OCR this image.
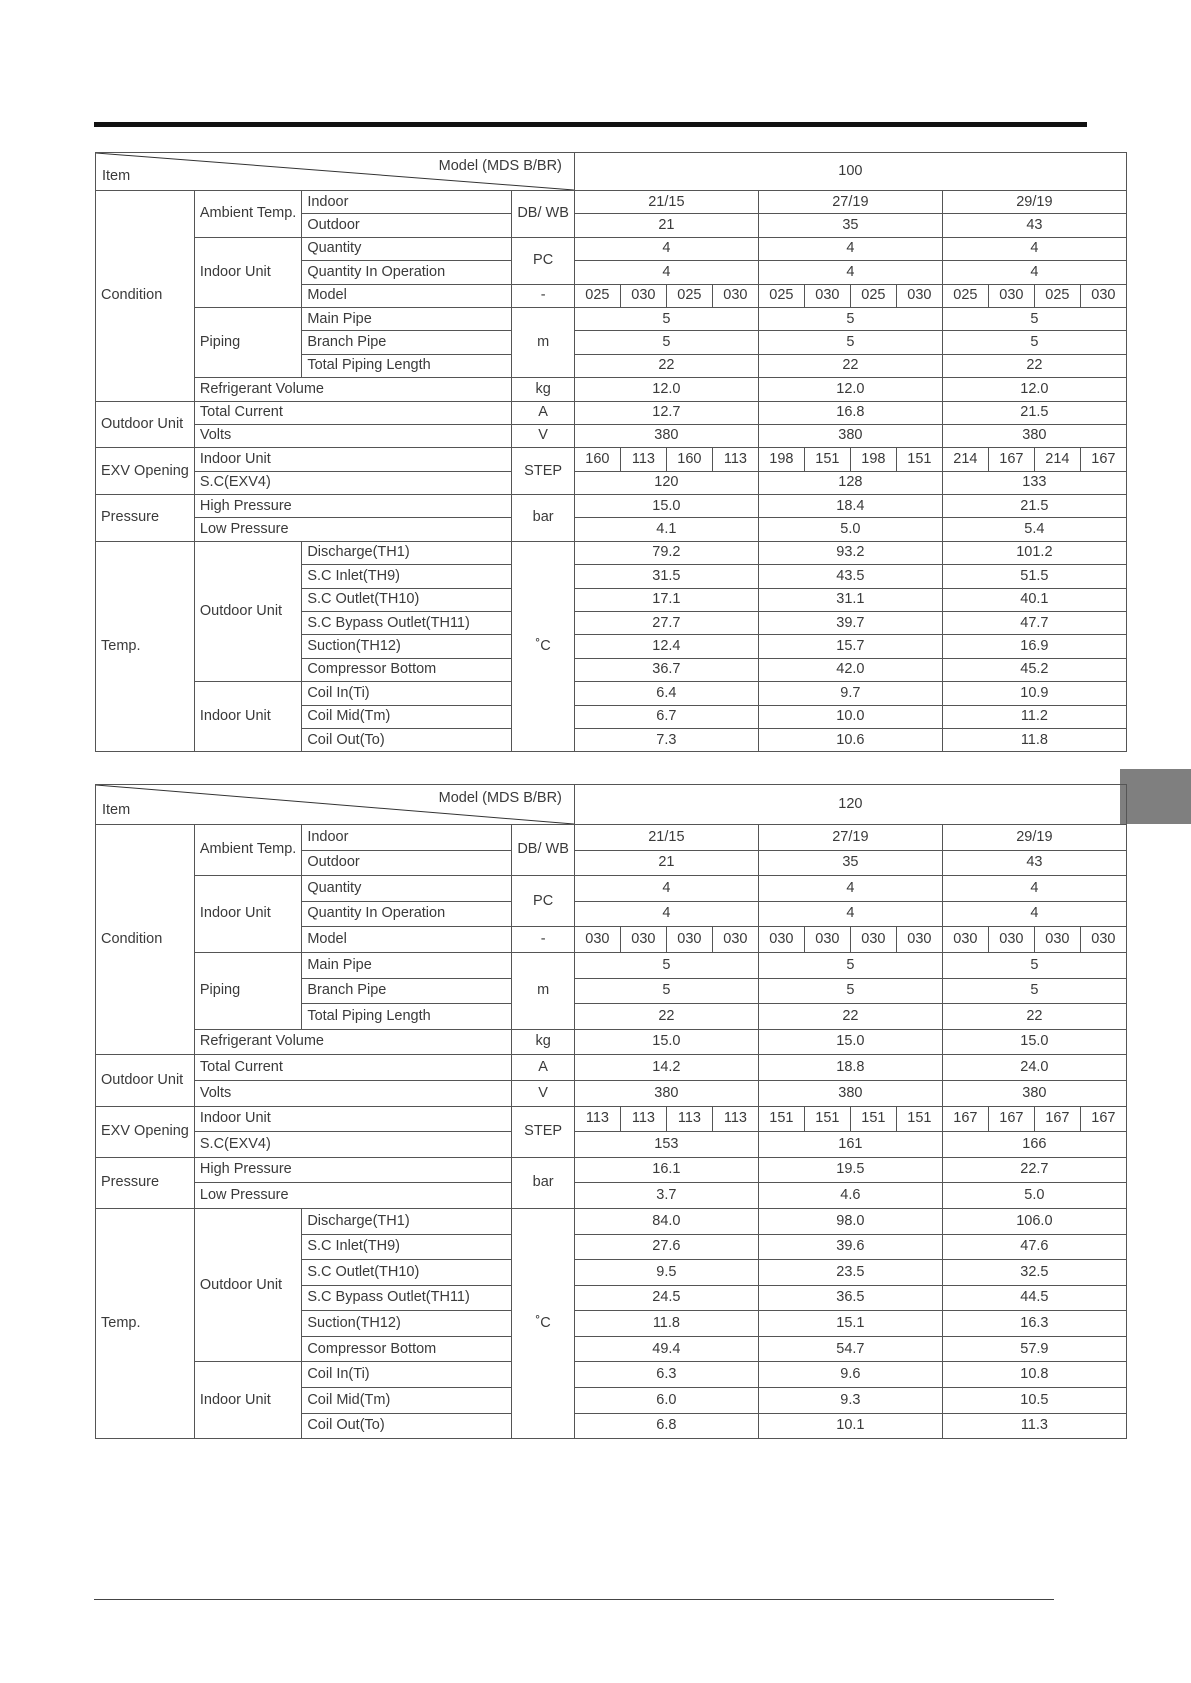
Model (MDS B/BR)
Item				100											
Condition	Ambient Temp.	Indoor	DB/ WB	21/15				27/19				29/19			
		Outdoor		21				35				43			
	Indoor Unit	Quantity	PC	4				4				4			
		Quantity In Operation		4				4				4			
		Model	-	025	030	025	030	025	030	025	030	025	030	025	030
	Piping	Main Pipe	m	5				5				5			
		Branch Pipe		5				5				5			
		Total Piping Length		22				22				22			
	Refrigerant Volume		kg	12.0				12.0				12.0			
Outdoor Unit	Total Current		A	12.7				16.8				21.5			
	Volts		V	380				380				380			
EXV Opening	Indoor Unit		STEP	160	113	160	113	198	151	198	151	214	167	214	167
	S.C(EXV4)			120				128				133			
Pressure	High Pressure		bar	15.0				18.4				21.5			
	Low Pressure			4.1				5.0				5.4			
Temp.	Outdoor Unit	Discharge(TH1)	˚C	79.2				93.2				101.2			
		S.C Inlet(TH9)		31.5				43.5				51.5			
		S.C Outlet(TH10)		17.1				31.1				40.1			
		S.C Bypass Outlet(TH11)		27.7				39.7				47.7			
		Suction(TH12)		12.4				15.7				16.9			
		Compressor Bottom		36.7				42.0				45.2			
	Indoor Unit	Coil In(Ti)		6.4				9.7				10.9			
		Coil Mid(Tm)		6.7				10.0				11.2			
		Coil Out(To)		7.3				10.6				11.8			
Model (MDS B/BR)
Item				120											
Condition	Ambient Temp.	Indoor	DB/ WB	21/15				27/19				29/19			
		Outdoor		21				35				43			
	Indoor Unit	Quantity	PC	4				4				4			
		Quantity In Operation		4				4				4			
		Model	-	030	030	030	030	030	030	030	030	030	030	030	030
	Piping	Main Pipe	m	5				5				5			
		Branch Pipe		5				5				5			
		Total Piping Length		22				22				22			
	Refrigerant Volume		kg	15.0				15.0				15.0			
Outdoor Unit	Total Current		A	14.2				18.8				24.0			
	Volts		V	380				380				380			
EXV Opening	Indoor Unit		STEP	113	113	113	113	151	151	151	151	167	167	167	167
	S.C(EXV4)			153				161				166			
Pressure	High Pressure		bar	16.1				19.5				22.7			
	Low Pressure			3.7				4.6				5.0			
Temp.	Outdoor Unit	Discharge(TH1)	˚C	84.0				98.0				106.0			
		S.C Inlet(TH9)		27.6				39.6				47.6			
		S.C Outlet(TH10)		9.5				23.5				32.5			
		S.C Bypass Outlet(TH11)		24.5				36.5				44.5			
		Suction(TH12)		11.8				15.1				16.3			
		Compressor Bottom		49.4				54.7				57.9			
	Indoor Unit	Coil In(Ti)		6.3				9.6				10.8			
		Coil Mid(Tm)		6.0				9.3				10.5			
		Coil Out(To)		6.8				10.1				11.3			
